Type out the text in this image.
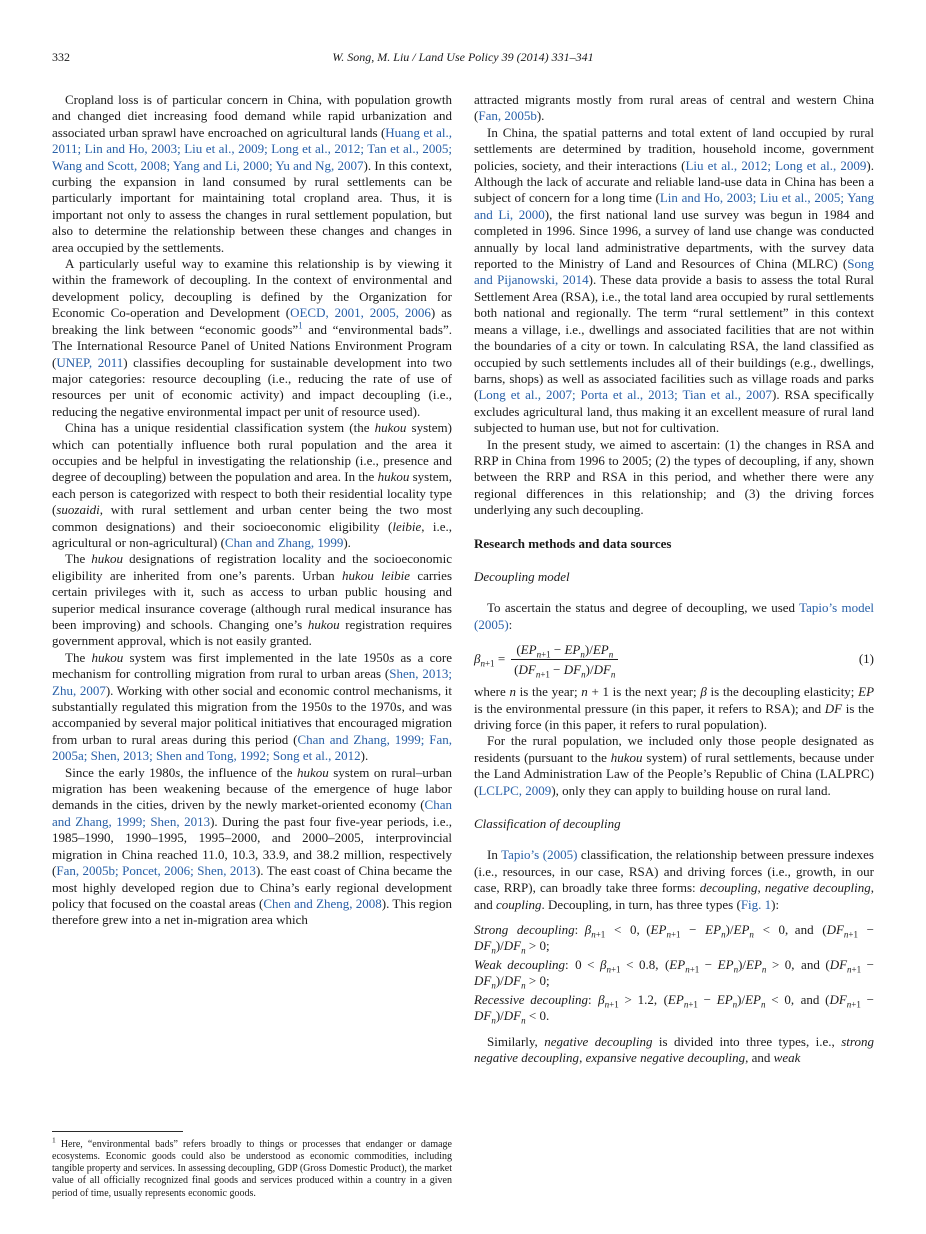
332	W. Song, M. Liu / Land Use Policy 39 (2014) 331–341

Cropland loss is of particular concern in China, with population growth and changed diet increasing food demand while rapid urbanization and associated urban sprawl have encroached on agricultural lands (Huang et al., 2011; Lin and Ho, 2003; Liu et al., 2009; Long et al., 2012; Tan et al., 2005; Wang and Scott, 2008; Yang and Li, 2000; Yu and Ng, 2007). In this context, curbing the expansion in land consumed by rural settlements can be particularly important for maintaining total cropland area. Thus, it is important not only to assess the changes in rural settlement population, but also to determine the relationship between these changes and changes in area occupied by the settlements.

A particularly useful way to examine this relationship is by viewing it within the framework of decoupling. In the context of environmental and development policy, decoupling is defined by the Organization for Economic Co-operation and Development (OECD, 2001, 2005, 2006) as breaking the link between “economic goods”$^1$ and “environmental bads”. The International Resource Panel of United Nations Environment Program (UNEP, 2011) classifies decoupling for sustainable development into two major categories: resource decoupling (i.e., reducing the rate of use of resources per unit of economic activity) and impact decoupling (i.e., reducing the negative environmental impact per unit of resource used).

China has a unique residential classification system (the hukou system) which can potentially influence both rural population and the area it occupies and be helpful in investigating the relationship (i.e., presence and degree of decoupling) between the population and area. In the hukou system, each person is categorized with respect to both their residential locality type (suozaidi, with rural settlement and urban center being the two most common designations) and their socioeconomic eligibility (leibie, i.e., agricultural or non-agricultural) (Chan and Zhang, 1999).

The hukou designations of registration locality and the socioeconomic eligibility are inherited from one’s parents. Urban hukou leibie carries certain privileges with it, such as access to urban public housing and superior medical insurance coverage (although rural medical insurance has been improving) and schools. Changing one’s hukou registration requires government approval, which is not easily granted.

The hukou system was first implemented in the late 1950s as a core mechanism for controlling migration from rural to urban areas (Shen, 2013; Zhu, 2007). Working with other social and economic control mechanisms, it substantially regulated this migration from the 1950s to the 1970s, and was accompanied by several major political initiatives that encouraged migration from urban to rural areas during this period (Chan and Zhang, 1999; Fan, 2005a; Shen, 2013; Shen and Tong, 1992; Song et al., 2012).

Since the early 1980s, the influence of the hukou system on rural–urban migration has been weakening because of the emergence of huge labor demands in the cities, driven by the newly market-oriented economy (Chan and Zhang, 1999; Shen, 2013). During the past four five-year periods, i.e., 1985–1990, 1990–1995, 1995–2000, and 2000–2005, interprovincial migration in China reached 11.0, 10.3, 33.9, and 38.2 million, respectively (Fan, 2005b; Poncet, 2006; Shen, 2013). The east coast of China became the most highly developed region due to China’s early regional development policy that focused on the coastal areas (Chen and Zheng, 2008). This region therefore grew into a net in-migration area which

$^1$ Here, “environmental bads” refers broadly to things or processes that endanger or damage ecosystems. Economic goods could also be understood as economic commodities, including tangible property and services. In assessing decoupling, GDP (Gross Domestic Product), the market value of all officially recognized final goods and services produced within a country in a given period of time, usually represents economic goods.

attracted migrants mostly from rural areas of central and western China (Fan, 2005b).

In China, the spatial patterns and total extent of land occupied by rural settlements are determined by tradition, household income, government policies, society, and their interactions (Liu et al., 2012; Long et al., 2009). Although the lack of accurate and reliable land-use data in China has been a subject of concern for a long time (Lin and Ho, 2003; Liu et al., 2005; Yang and Li, 2000), the first national land use survey was begun in 1984 and completed in 1996. Since 1996, a survey of land use change was conducted annually by local land administrative departments, with the survey data reported to the Ministry of Land and Resources of China (MLRC) (Song and Pijanowski, 2014). These data provide a basis to assess the total Rural Settlement Area (RSA), i.e., the total land area occupied by rural settlements both national and regionally. The term “rural settlement” in this context means a village, i.e., dwellings and associated facilities that are not within the boundaries of a city or town. In calculating RSA, the land classified as occupied by such settlements includes all of their buildings (e.g., dwellings, barns, shops) as well as associated facilities such as village roads and parks (Long et al., 2007; Porta et al., 2013; Tian et al., 2007). RSA specifically excludes agricultural land, thus making it an excellent measure of rural land subjected to human use, but not for cultivation.

In the present study, we aimed to ascertain: (1) the changes in RSA and RRP in China from 1996 to 2005; (2) the types of decoupling, if any, shown between the RRP and RSA in this period, and whether there were any regional differences in this relationship; and (3) the driving forces underlying any such decoupling.

Research methods and data sources
Decoupling model

To ascertain the status and degree of decoupling, we used Tapio’s model (2005):

$\beta_{n+1} = \frac{(EP_{n+1} - EP_n)/EP_n}{(DF_{n+1} - DF_n)/DF_n}$	(1)

where n is the year; n + 1 is the next year; β is the decoupling elasticity; EP is the environmental pressure (in this paper, it refers to RSA); and DF is the driving force (in this paper, it refers to rural population).

For the rural population, we included only those people designated as residents (pursuant to the hukou system) of rural settlements, because under the Land Administration Law of the People’s Republic of China (LALPRC) (LCLPC, 2009), only they can apply to building house on rural land.

Classification of decoupling

In Tapio’s (2005) classification, the relationship between pressure indexes (i.e., resources, in our case, RSA) and driving forces (i.e., growth, in our case, RRP), can broadly take three forms: decoupling, negative decoupling, and coupling. Decoupling, in turn, has three types (Fig. 1):

Strong decoupling: $\beta_{n+1} < 0$, $(EP_{n+1} - EP_n)/EP_n < 0$, and $(DF_{n+1} - DF_n)/DF_n > 0$;

Weak decoupling: $0 < \beta_{n+1} < 0.8$, $(EP_{n+1} - EP_n)/EP_n > 0$, and $(DF_{n+1} - DF_n)/DF_n > 0$;

Recessive decoupling: $\beta_{n+1} > 1.2$, $(EP_{n+1} - EP_n)/EP_n < 0$, and $(DF_{n+1} - DF_n)/DF_n < 0$.

Similarly, negative decoupling is divided into three types, i.e., strong negative decoupling, expansive negative decoupling, and weak
